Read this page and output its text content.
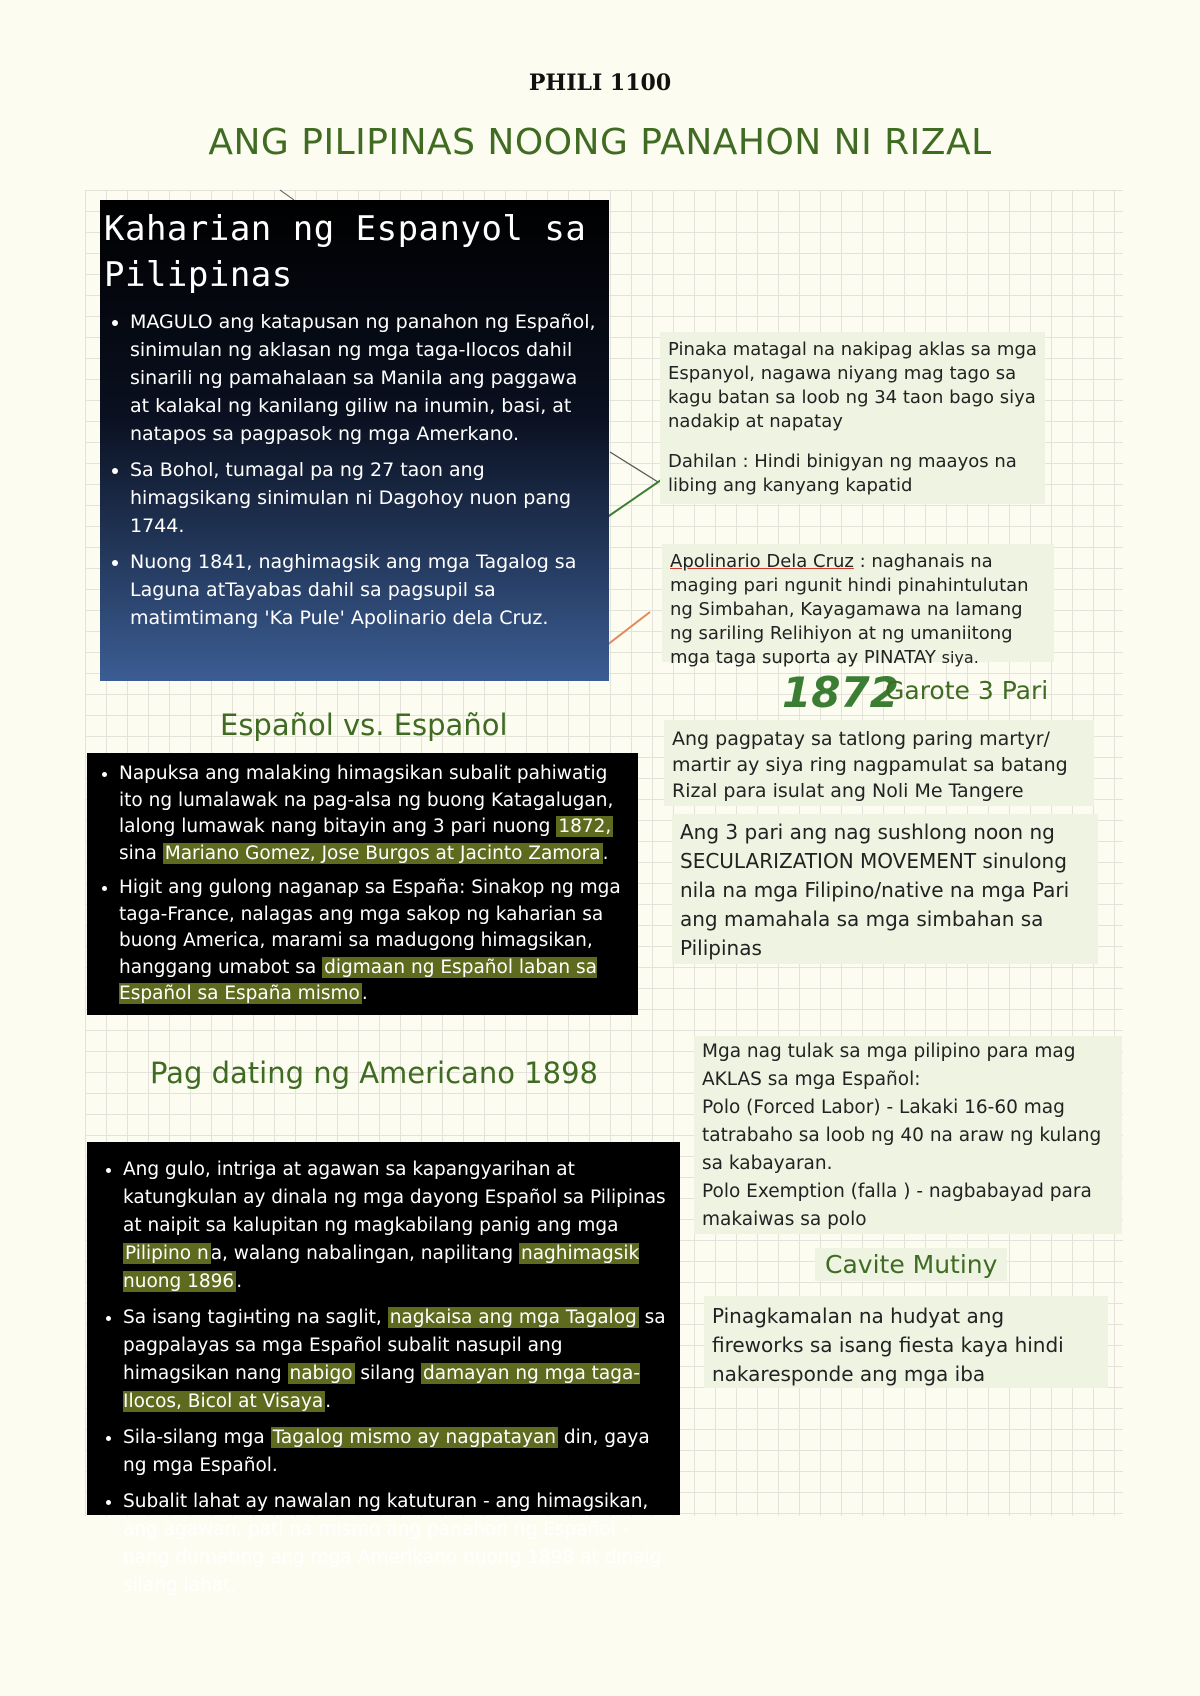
PHILI 1100
ANG PILIPINAS NOONG PANAHON NI RIZAL
Kaharian ng Espanyol sa Pilipinas
• MAGULO ang katapusan ng panahon ng Español, sinimulan ng aklasan ng mga taga-Ilocos dahil sinarili ng pamahalaan sa Manila ang paggawa at kalakal ng kanilang giliw na inumin, basi, at natapos sa pagpasok ng mga Amerkano.
• Sa Bohol, tumagal pa ng 27 taon ang himagsikang sinimulan ni Dagohoy nuon pang 1744.
• Nuong 1841, naghimagsik ang mga Tagalog sa Laguna atTayabas dahil sa pagsupil sa matimtimang 'Ka Pule' Apolinario dela Cruz.
Español vs. Español
• Napuksa ang malaking himagsikan subalit pahiwatig ito ng lumalawak na pag-alsa ng buong Katagalugan, lalong lumawak nang bitayin ang 3 pari nuong 1872, sina Mariano Gomez, Jose Burgos at Jacinto Zamora .
• Higit ang gulong naganap sa España: Sinakop ng mga taga-France, nalagas ang mga sakop ng kaharian sa buong America, marami sa madugong himagsikan, hanggang umabot sa digmaan ng Español laban sa Español sa España mismo .
Pag dating ng Americano 1898
• Ang gulo, intriga at agawan sa kapangyarihan at katungkulan ay dinala ng mga dayong Español sa Pilipinas at naipit sa kalupitan ng magkabilang panig ang mga Pilipino n a, walang nabalingan, napilitang naghimagsik nuong 1896 .
• Sa isang tagінting na saglit, nagkaisa ang mga Tagalog sa pagpalayas sa mga Español subalit nasupil ang himagsikan nang nabigo silang damayan ng mga taga-Ilocos, Bicol at Visaya .
• Sila-silang mga Tagalog mismo ay nagpatayan din, gaya ng mga Español.
• Subalit lahat ay nawalan ng katuturan - ang himagsikan, ang agawan, pati na mismo ang panahon ng Español - nang dumating ang mga Amerikano nuong 1898 at dinaig silang lahat.

Pinaka matagal na nakipag aklas sa mga Espanyol, nagawa niyang mag tago sa kagu batan sa loob ng 34 taon bago siya nadakip at napatay

Dahilan : Hindi binigyan ng maayos na libing ang kanyang kapatid

Apolinario Dela Cruz : naghanais na maging pari ngunit hindi pinahintulutan ng Simbahan, Kayagamawa na lamang ng sariling Relihiyon at ng umaniitong mga taga suporta ay PINATAY siya.

1872
Garote 3 Pari

Ang pagpatay sa tatlong paring martyr/ martir ay siya ring nagpamulat sa batang Rizal para isulat ang Noli Me Tangere

Ang 3 pari ang nag sushlong noon ng SECULARIZATION MOVEMENT sinulong nila na mga Filipino/native na mga Pari ang mamahala sa mga simbahan sa Pilipinas

Mga nag tulak sa mga pilipino para mag AKLAS sa mga Español:

Polo (Forced Labor) - Lakaki 16-60 mag tatrabaho sa loob ng 40 na araw ng kulang sa kabayaran.

Polo Exemption (falla ) - nagbabayad para makaiwas sa polo

Cavite Mutiny

Pinagkamalan na hudyat ang fireworks sa isang fiesta kaya hindi nakaresponde ang mga iba
